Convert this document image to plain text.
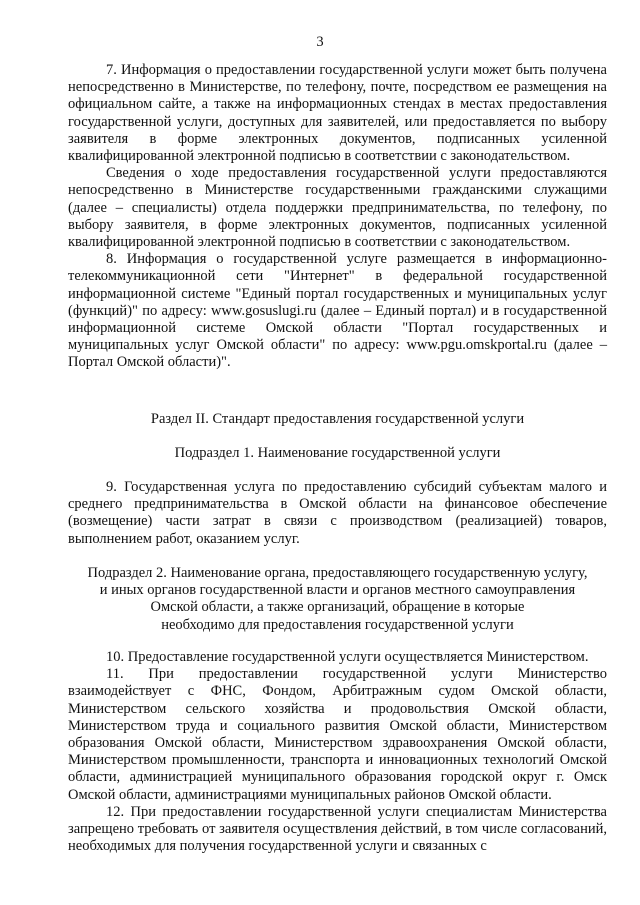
3

7. Информация о предоставлении государственной услуги может быть получена непосредственно в Министерстве, по телефону, почте, посредством ее размещения на официальном сайте, а также на информационных стендах в местах предоставления государственной услуги, доступных для заявителей, или предоставляется по выбору заявителя в форме электронных документов, подписанных усиленной квалифицированной электронной подписью в соответствии с законодательством.

Сведения о ходе предоставления государственной услуги предоставляются непосредственно в Министерстве государственными гражданскими служащими (далее – специалисты) отдела поддержки предпринимательства, по телефону, по выбору заявителя, в форме электронных документов, подписанных усиленной квалифицированной электронной подписью в соответствии с законодательством.

8. Информация о государственной услуге размещается в информационно-телекоммуникационной сети "Интернет" в федеральной государственной информационной системе "Единый портал государственных и муниципальных услуг (функций)" по адресу: www.gosuslugi.ru (далее – Единый портал) и в государственной информационной системе Омской области "Портал государственных и муниципальных услуг Омской области" по адресу: www.pgu.omskportal.ru (далее – Портал Омской области)".

Раздел II. Стандарт предоставления государственной услуги

Подраздел 1. Наименование государственной услуги

9. Государственная услуга по предоставлению субсидий субъектам малого и среднего предпринимательства в Омской области на финансовое обеспечение (возмещение) части затрат в связи с производством (реализацией) товаров, выполнением работ, оказанием услуг.

Подраздел 2. Наименование органа, предоставляющего государственную услугу,

и иных органов государственной власти и органов местного самоуправления

Омской области, а также организаций, обращение в которые

необходимо для предоставления государственной услуги

10. Предоставление государственной услуги осуществляется Министерством.

11. При предоставлении государственной услуги Министерство взаимодействует с ФНС, Фондом, Арбитражным судом Омской области, Министерством сельского хозяйства и продовольствия Омской области, Министерством труда и социального развития Омской области, Министерством образования Омской области, Министерством здравоохранения Омской области, Министерством промышленности, транспорта и инновационных технологий Омской области, администрацией муниципального образования городской округ г. Омск Омской области, администрациями муниципальных районов Омской области.

12. При предоставлении государственной услуги специалистам Министерства запрещено требовать от заявителя осуществления действий, в том числе согласований, необходимых для получения государственной услуги и связанных с
